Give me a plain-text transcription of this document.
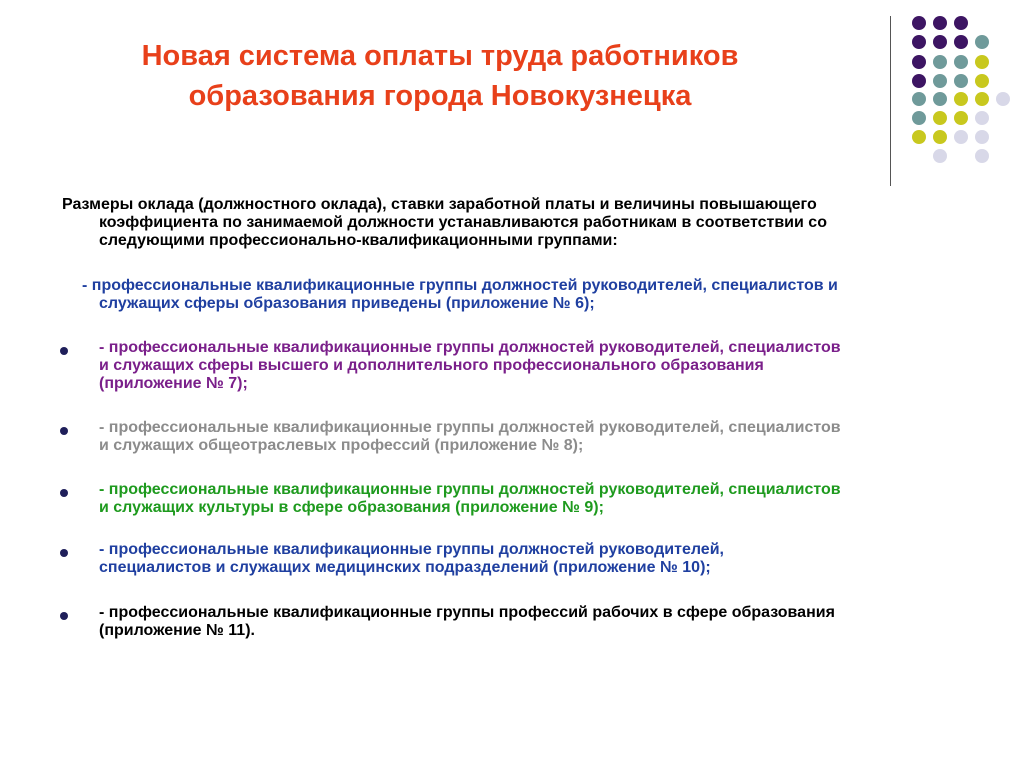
Новая система оплаты труда работников
образования города Новокузнецка
Размеры оклада (должностного оклада), ставки заработной платы и величины повышающего
коэффициента по занимаемой должности устанавливаются работникам в соответствии со
следующими профессионально-квалификационными группами:
- профессиональные квалификационные группы должностей руководителей, специалистов и
служащих сферы образования приведены (приложение № 6);
- профессиональные квалификационные группы должностей руководителей, специалистов
и служащих сферы высшего и дополнительного профессионального образования
(приложение № 7);
- профессиональные квалификационные группы должностей руководителей, специалистов
и служащих общеотраслевых профессий (приложение № 8);
- профессиональные квалификационные группы должностей руководителей, специалистов
и служащих культуры в сфере образования (приложение № 9);
- профессиональные квалификационные группы должностей руководителей,
специалистов и служащих медицинских подразделений (приложение № 10);
- профессиональные квалификационные группы профессий рабочих в сфере образования
(приложение № 11).
